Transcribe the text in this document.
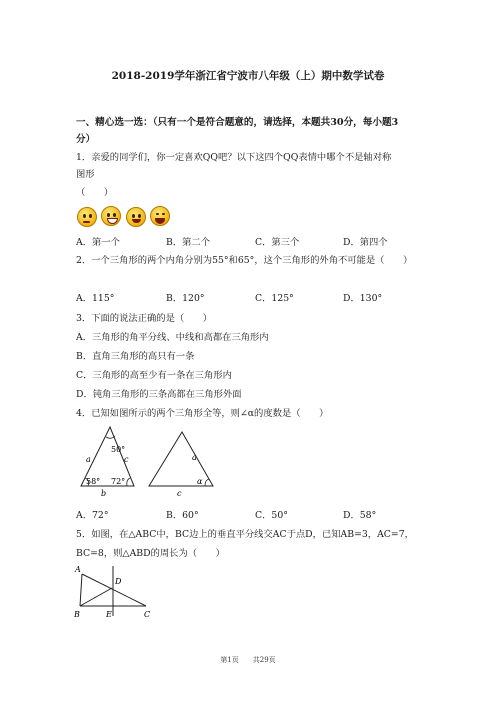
2018-2019学年浙江省宁波市八年级（上）期中数学试卷
一、精心选一选：（只有一个是符合题意的，请选择，本题共30分，每小题3
分）
1．亲爱的同学们，你一定喜欢QQ吧？以下这四个QQ表情中哪个不是轴对称
图形
（　　）
A．第一个	B．第二个	C．第三个	D．第四个
2．一个三角形的两个内角分别为55°和65°，这个三角形的外角不可能是（　　）
A．115°	B．120°	C．125°	D．130°
3．下面的说法正确的是（　　）
A．三角形的角平分线、中线和高都在三角形内
B．直角三角形的高只有一条
C．三角形的高至少有一条在三角形内
D．钝角三角形的三条高都在三角形外面
4．已知如图所示的两个三角形全等，则∠α的度数是（　　）
50°
a	c
58° 72°
b
a
α
c
A．72°	B．60°	C．50°	D．58°
5．如图，在△ABC中，BC边上的垂直平分线交AC于点D，已知AB=3，AC=7，
BC=8，则△ABD的周长为（　　）
A
D
B	E	C
第1页　　共29页
